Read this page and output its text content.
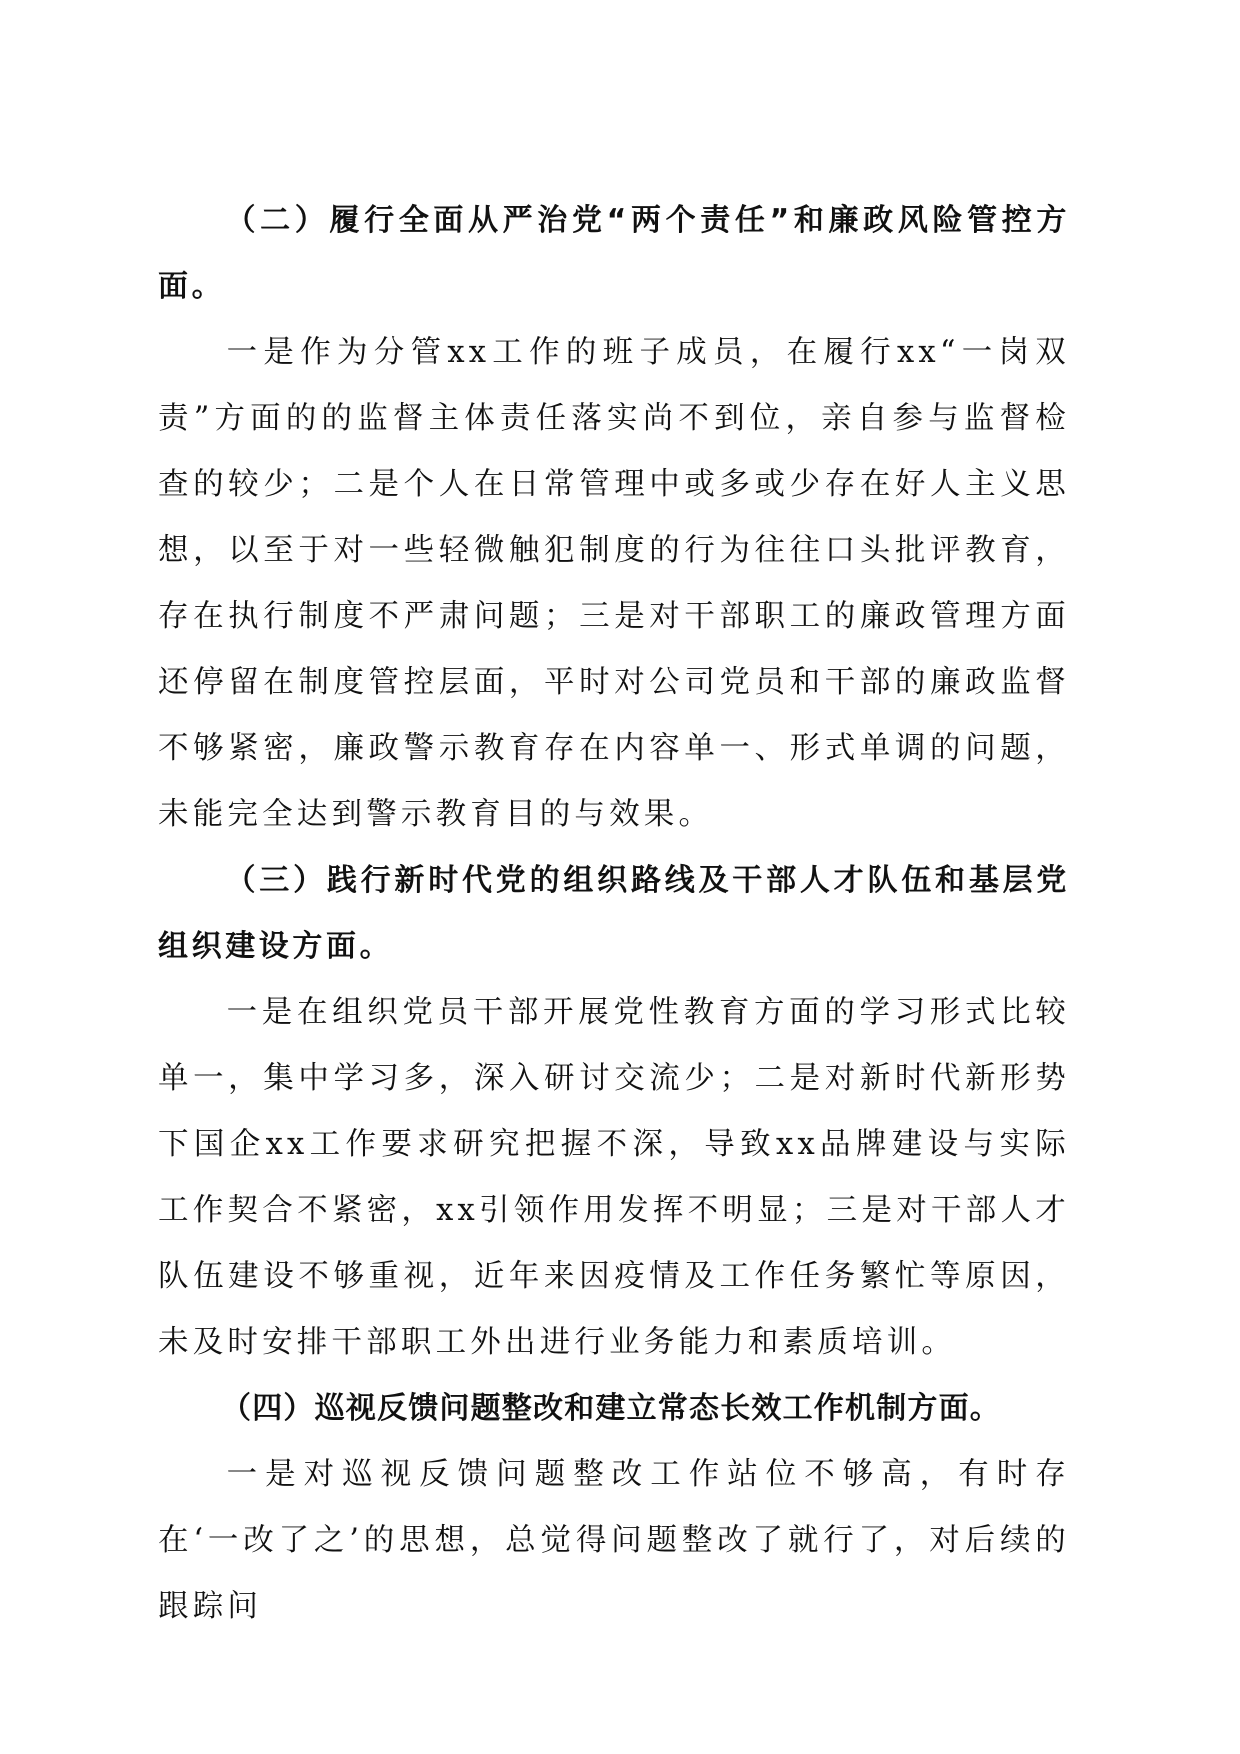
（二）履行全面从严治党“两个责任”和廉政风险管控方面。

一是作为分管xx工作的班子成员，在履行xx“一岗双责”方面的的监督主体责任落实尚不到位，亲自参与监督检查的较少；二是个人在日常管理中或多或少存在好人主义思想，以至于对一些轻微触犯制度的行为往往口头批评教育，存在执行制度不严肃问题；三是对干部职工的廉政管理方面还停留在制度管控层面，平时对公司党员和干部的廉政监督不够紧密，廉政警示教育存在内容单一、形式单调的问题，未能完全达到警示教育目的与效果。

（三）践行新时代党的组织路线及干部人才队伍和基层党组织建设方面。

一是在组织党员干部开展党性教育方面的学习形式比较单一，集中学习多，深入研讨交流少；二是对新时代新形势下国企xx工作要求研究把握不深，导致xx品牌建设与实际工作契合不紧密，xx引领作用发挥不明显；三是对干部人才队伍建设不够重视，近年来因疫情及工作任务繁忙等原因，未及时安排干部职工外出进行业务能力和素质培训。

（四）巡视反馈问题整改和建立常态长效工作机制方面。

一是对巡视反馈问题整改工作站位不够高，有时存在‘一改了之’的思想，总觉得问题整改了就行了，对后续的跟踪问
